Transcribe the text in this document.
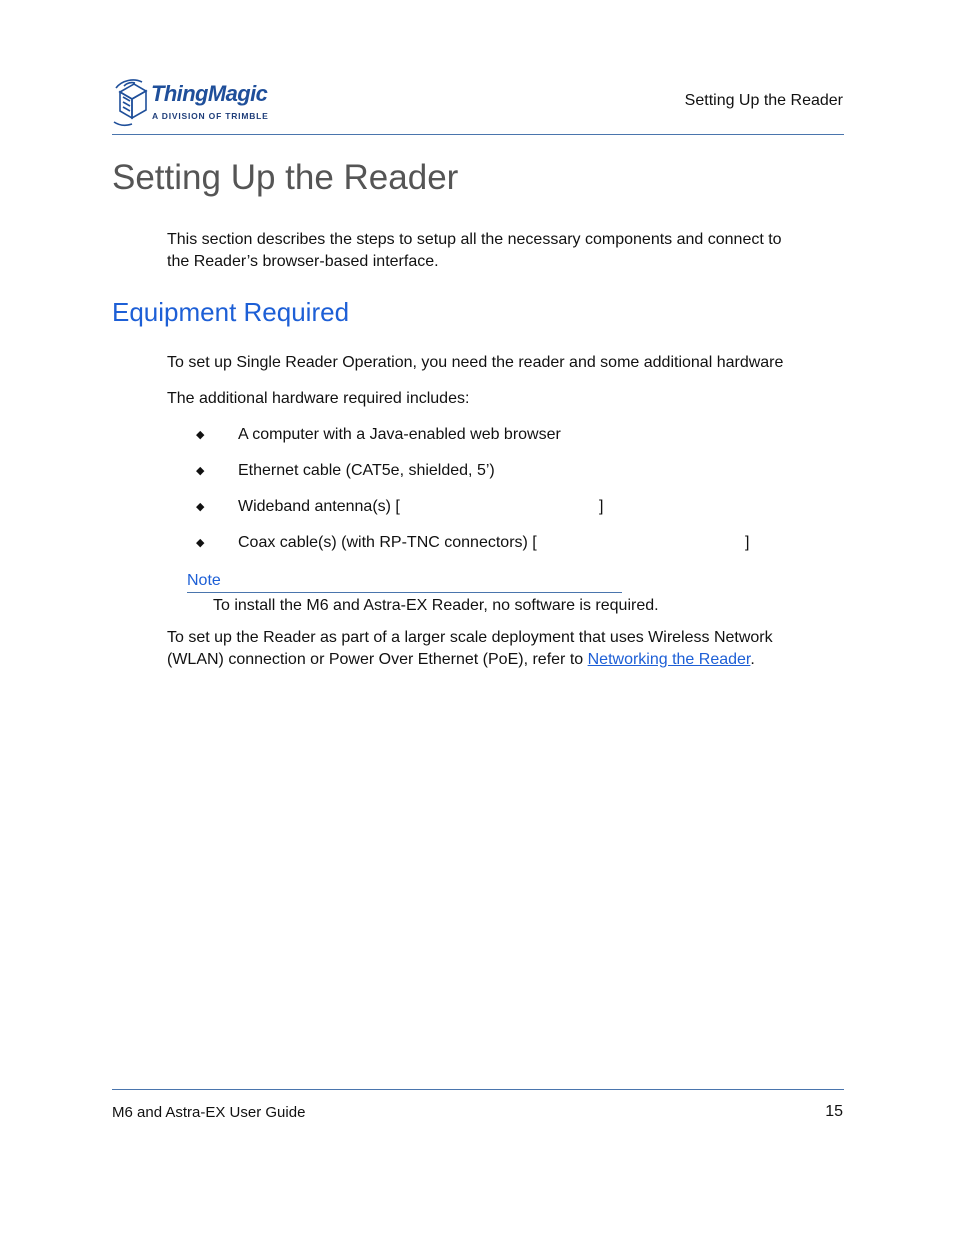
ThingMagic
A DIVISION OF TRIMBLE
Setting Up the Reader
Setting Up the Reader
This section describes the steps to setup all the necessary components and connect to
the Reader’s browser-based interface.
Equipment Required
To set up Single Reader Operation, you need the reader and some additional hardware
The additional hardware required includes:
◆ A computer with a Java-enabled web browser
◆ Ethernet cable (CAT5e, shielded, 5’)
◆ Wideband antenna(s) [	]
◆ Coax cable(s) (with RP-TNC connectors) [	]
Note
To install the M6 and Astra-EX Reader, no software is required.
To set up the Reader as part of a larger scale deployment that uses Wireless Network
(WLAN) connection or Power Over Ethernet (PoE), refer to Networking the Reader.
M6 and Astra-EX User Guide	15
